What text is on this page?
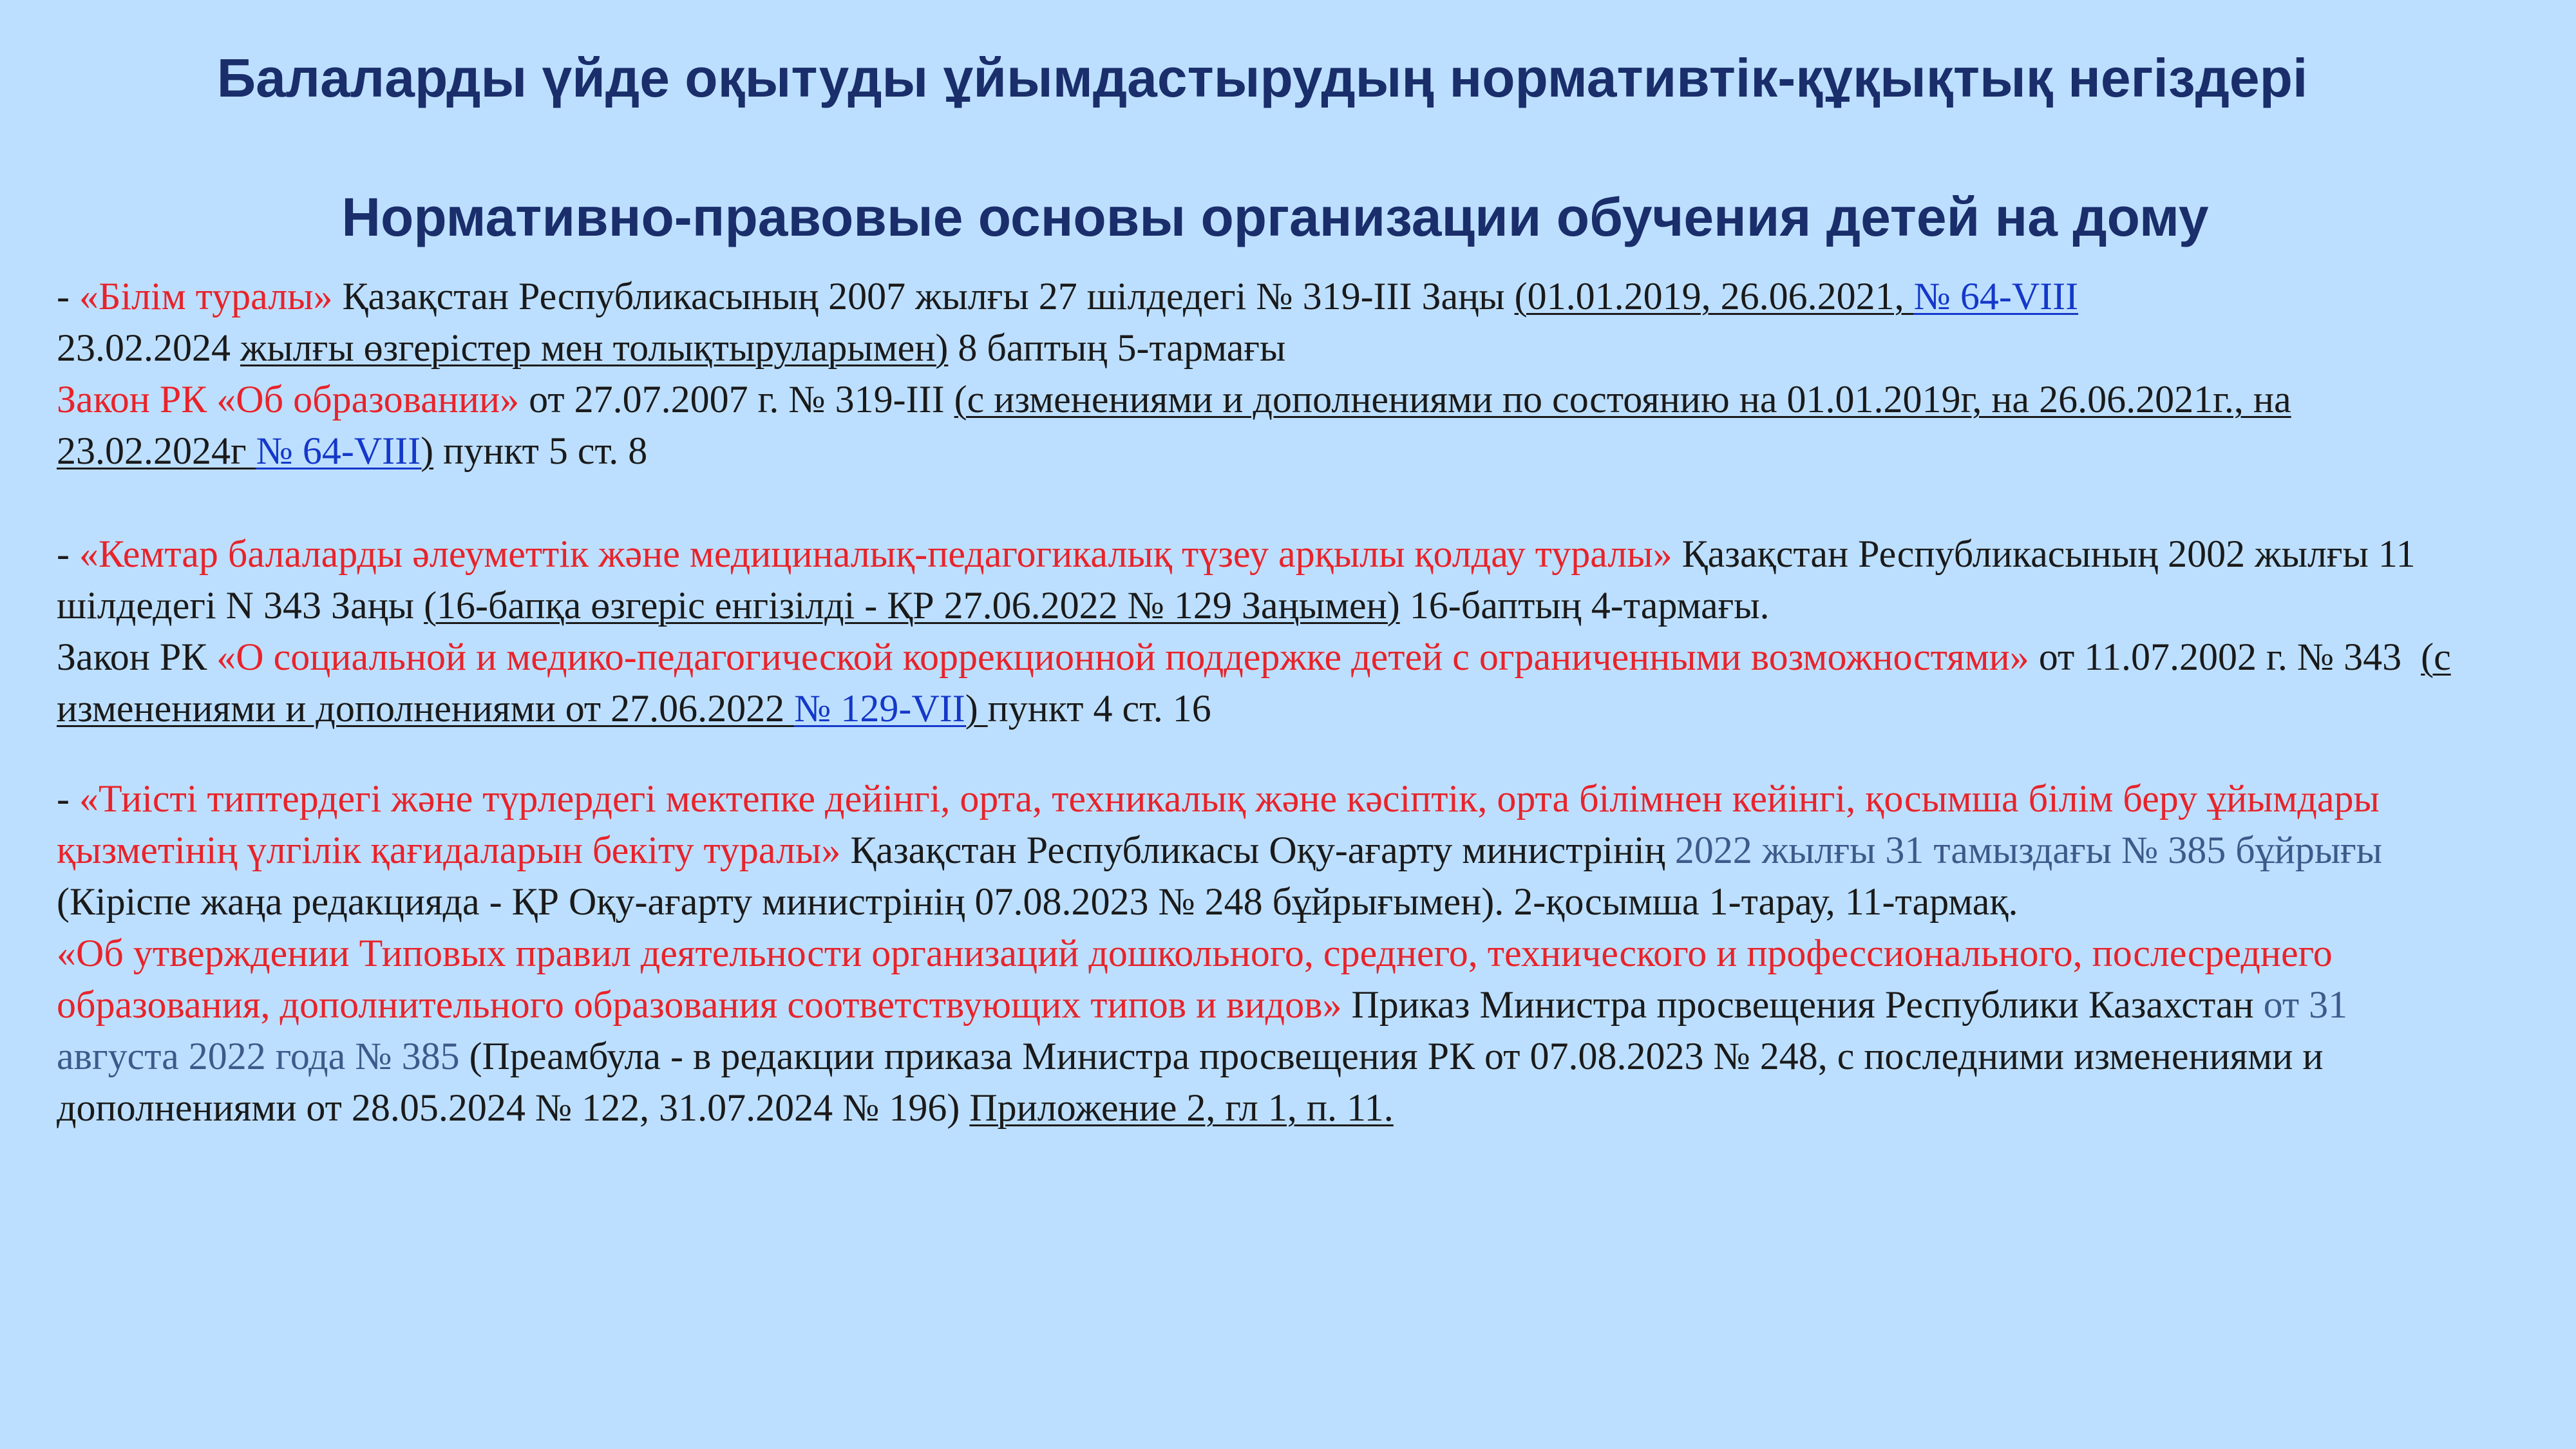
Балаларды үйде оқытуды ұйымдастырудың нормативтік-құқықтық негіздері
Нормативно-правовые основы организации обучения детей на дому

- «Білім туралы» Қазақстан Республикасының 2007 жылғы 27 шілдедегі № 319-ІІІ Заңы (01.01.2019, 26.06.2021, № 64-VІІІ
23.02.2024 жылғы өзгерістер мен толықтыруларымен) 8 баптың 5-тармағы

Закон РК «Об образовании» от 27.07.2007 г. № 319-III (с изменениями и дополнениями по состоянию на 01.01.2019г, на 26.06.2021г., на 23.02.2024г № 64-VIII) пункт 5 ст. 8

- «Кемтар балаларды әлеуметтік және медициналық-педагогикалық түзеу арқылы қолдау туралы» Қазақстан Республикасының 2002 жылғы 11 шілдедегі N 343 Заңы (16-бапқа өзгеріс енгізілді - ҚР 27.06.2022 № 129 Заңымен) 16-баптың 4-тармағы.

Закон РК «О социальной и медико-педагогической коррекционной поддержке детей с ограниченными возможностями» от 11.07.2002 г. № 343  (с изменениями и дополнениями от 27.06.2022 № 129-VII) пункт 4 ст. 16

- «Тиісті типтердегі және түрлердегі мектепке дейінгі, орта, техникалық және кәсіптік, орта білімнен кейінгі, қосымша білім беру ұйымдары қызметінің үлгілік қағидаларын бекіту туралы» Қазақстан Республикасы Оқу-ағарту министрінің 2022 жылғы 31 тамыздағы № 385 бұйрығы (Кіріспе жаңа редакцияда - ҚР Оқу-ағарту министрінің 07.08.2023 № 248 бұйрығымен). 2-қосымша 1-тарау, 11-тармақ.

«Об утверждении Типовых правил деятельности организаций дошкольного, среднего, технического и профессионального, послесреднего образования, дополнительного образования соответствующих типов и видов» Приказ Министра просвещения Республики Казахстан от 31 августа 2022 года № 385 (Преамбула - в редакции приказа Министра просвещения РК от 07.08.2023 № 248, с последними изменениями и дополнениями от 28.05.2024 № 122, 31.07.2024 № 196) Приложение 2, гл 1, п. 11.
